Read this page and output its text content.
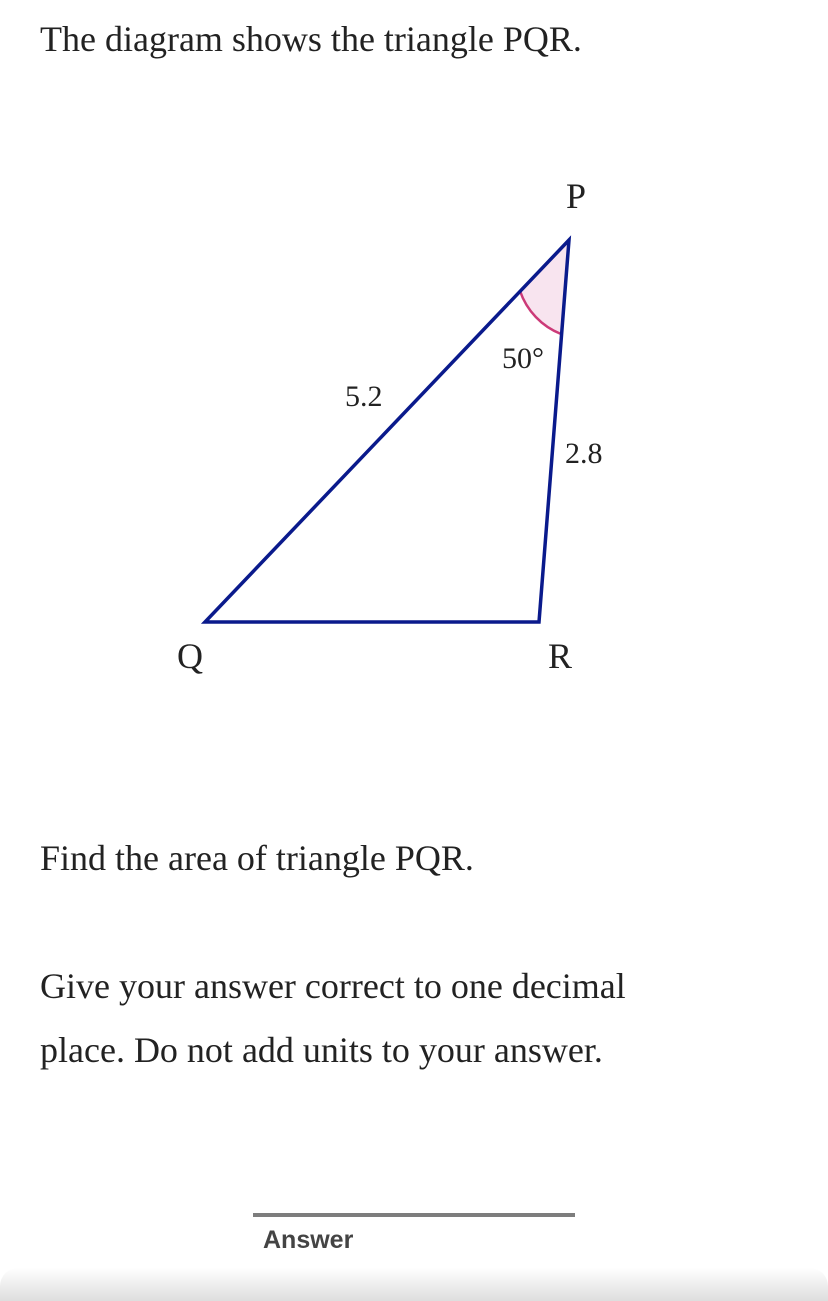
The diagram shows the triangle PQR.
P
Q	R
5.2
2.8
50°

Find the area of triangle PQR.

Give your answer correct to one decimal
place. Do not add units to your answer.
Answer
